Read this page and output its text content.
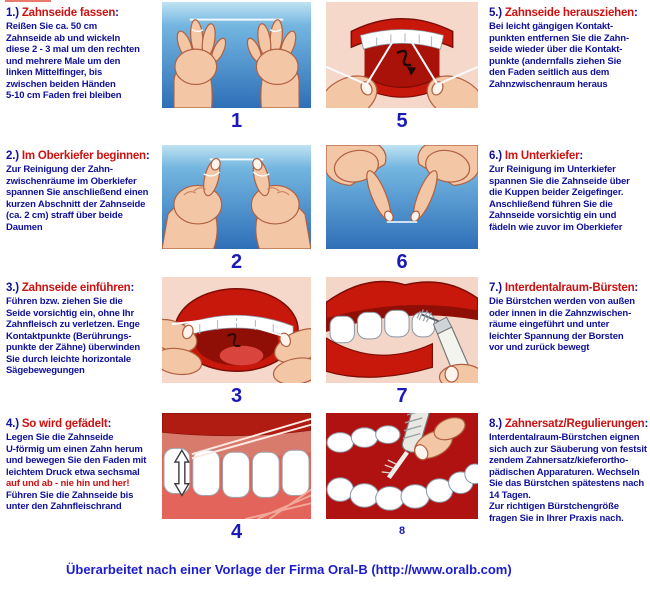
1.) Zahnseide fassen:
Reißen Sie ca. 50 cm
Zahnseide ab und wickeln
diese 2 - 3 mal um den rechten
und mehrere Male um den
linken Mittelfinger, bis
zwischen beiden Händen
5-10 cm Faden frei bleiben
1	5
5.) Zahnseide herausziehen:
Bei leicht gängigen Kontakt-
punkten entfernen Sie die Zahn-
seide wieder über die Kontakt-
punkte (andernfalls ziehen Sie
den Faden seitlich aus dem
Zahnzwischenraum heraus
2.) Im Oberkiefer beginnen:
Zur Reinigung der Zahn-
zwischenräume im Oberkiefer
spannen Sie anschließend einen
kurzen Abschnitt der Zahnseide
(ca. 2 cm) straff über beide
Daumen
2	6
6.) Im Unterkiefer:
Zur Reinigung im Unterkiefer
spannen Sie die Zahnseide über
die Kuppen beider Zeigefinger.
Anschließend führen Sie die
Zahnseide vorsichtig ein und
fädeln wie zuvor im Oberkiefer
3.) Zahnseide einführen:
Führen bzw. ziehen Sie die
Seide vorsichtig ein, ohne Ihr
Zahnfleisch zu verletzen. Enge
Kontaktpunkte (Berührungs-
punkte der Zähne) überwinden
Sie durch leichte horizontale
Sägebewegungen
3	7
7.) Interdentalraum-Bürsten:
Die Bürstchen werden von außen
oder innen in die Zahnzwischen-
räume eingeführt und unter
leichter Spannung der Borsten
vor und zurück bewegt
4.) So wird gefädelt:
Legen Sie die Zahnseide
U-förmig um einen Zahn herum
und bewegen Sie den Faden mit
leichtem Druck etwa sechsmal
auf und ab - nie hin und her!
Führen Sie die Zahnseide bis
unter den Zahnfleischrand
4	8
8.) Zahnersatz/Regulierungen:
Interdentalraum-Bürstchen eignen
sich auch zur Säuberung von festsit
zendem Zahnersatz/kieferortho-
pädischen Apparaturen. Wechseln
Sie das Bürstchen spätestens nach
14 Tagen.
Zur richtigen Bürstchengröße
fragen Sie in Ihrer Praxis nach.
Überarbeitet nach einer Vorlage der Firma Oral-B (http://www.oralb.com)
